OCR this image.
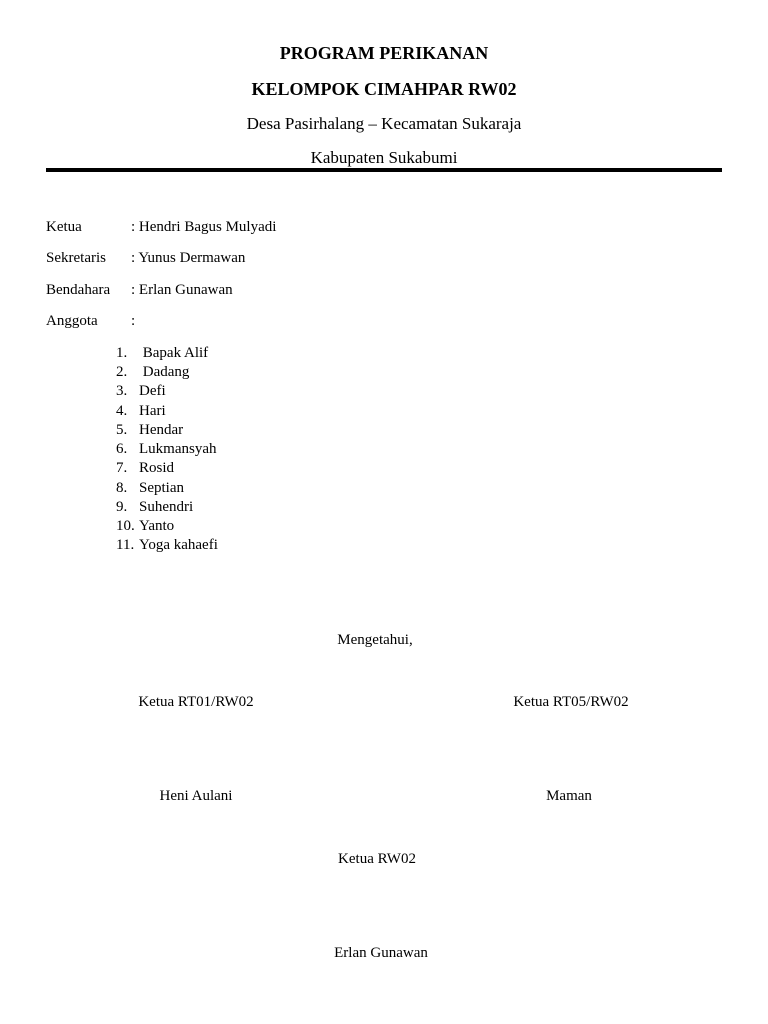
PROGRAM PERIKANAN
KELOMPOK CIMAHPAR RW02
Desa Pasirhalang – Kecamatan Sukaraja
Kabupaten Sukabumi
Ketua	: Hendri Bagus Mulyadi
Sekretaris : Yunus Dermawan
Bendahara : Erlan Gunawan
Anggota :
1. Bapak Alif
2. Dadang
3. Defi
4. Hari
5. Hendar
6. Lukmansyah
7. Rosid
8. Septian
9. Suhendri
10. Yanto
11. Yoga kahaefi
Mengetahui,
Ketua RT01/RW02	Ketua RT05/RW02
Heni Aulani	Maman
Ketua RW02
Erlan Gunawan
